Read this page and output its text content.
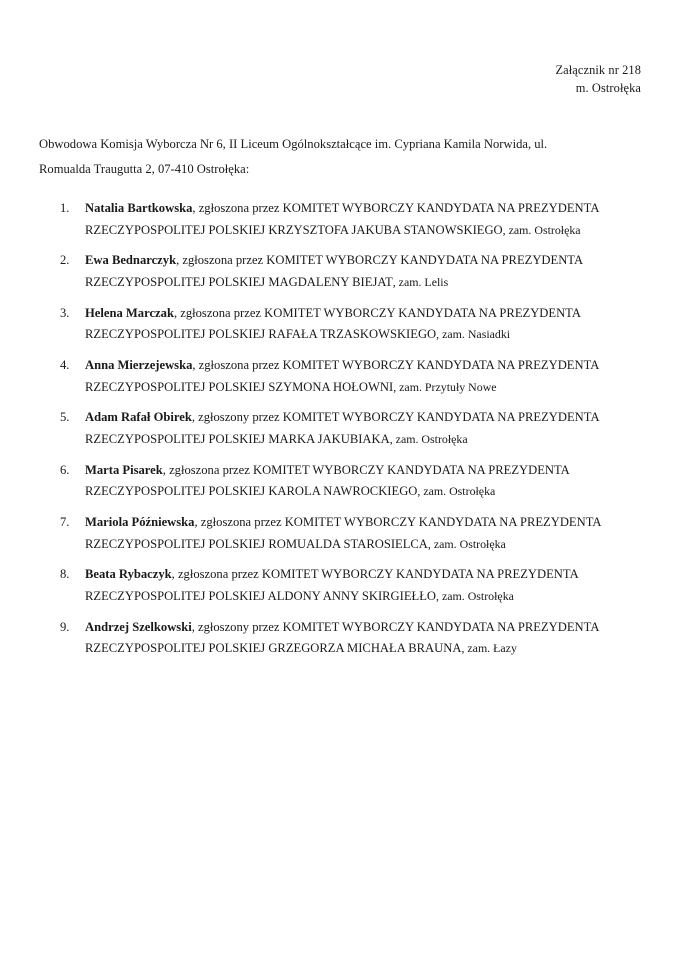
Załącznik nr 218
m. Ostrołęka

Obwodowa Komisja Wyborcza Nr 6, II Liceum Ogólnokształcące im. Cypriana Kamila Norwida, ul. Romualda Traugutta 2, 07-410 Ostrołęka:

1.	Natalia Bartkowska, zgłoszona przez KOMITET WYBORCZY KANDYDATA NA PREZYDENTA RZECZYPOSPOLITEJ POLSKIEJ KRZYSZTOFA JAKUBA STANOWSKIEGO, zam. Ostrołęka
2.	Ewa Bednarczyk, zgłoszona przez KOMITET WYBORCZY KANDYDATA NA PREZYDENTA RZECZYPOSPOLITEJ POLSKIEJ MAGDALENY BIEJAT, zam. Lelis
3.	Helena Marczak, zgłoszona przez KOMITET WYBORCZY KANDYDATA NA PREZYDENTA RZECZYPOSPOLITEJ POLSKIEJ RAFAŁA TRZASKOWSKIEGO, zam. Nasiadki
4.	Anna Mierzejewska, zgłoszona przez KOMITET WYBORCZY KANDYDATA NA PREZYDENTA RZECZYPOSPOLITEJ POLSKIEJ SZYMONA HOŁOWNI, zam. Przytuły Nowe
5.	Adam Rafał Obirek, zgłoszony przez KOMITET WYBORCZY KANDYDATA NA PREZYDENTA RZECZYPOSPOLITEJ POLSKIEJ MARKA JAKUBIAKA, zam. Ostrołęka
6.	Marta Pisarek, zgłoszona przez KOMITET WYBORCZY KANDYDATA NA PREZYDENTA RZECZYPOSPOLITEJ POLSKIEJ KAROLA NAWROCKIEGO, zam. Ostrołęka
7.	Mariola Późniewska, zgłoszona przez KOMITET WYBORCZY KANDYDATA NA PREZYDENTA RZECZYPOSPOLITEJ POLSKIEJ ROMUALDA STAROSIELCA, zam. Ostrołęka
8.	Beata Rybaczyk, zgłoszona przez KOMITET WYBORCZY KANDYDATA NA PREZYDENTA RZECZYPOSPOLITEJ POLSKIEJ ALDONY ANNY SKIRGIEŁŁO, zam. Ostrołęka
9.	Andrzej Szelkowski, zgłoszony przez KOMITET WYBORCZY KANDYDATA NA PREZYDENTA RZECZYPOSPOLITEJ POLSKIEJ GRZEGORZA MICHAŁA BRAUNA, zam. Łazy
